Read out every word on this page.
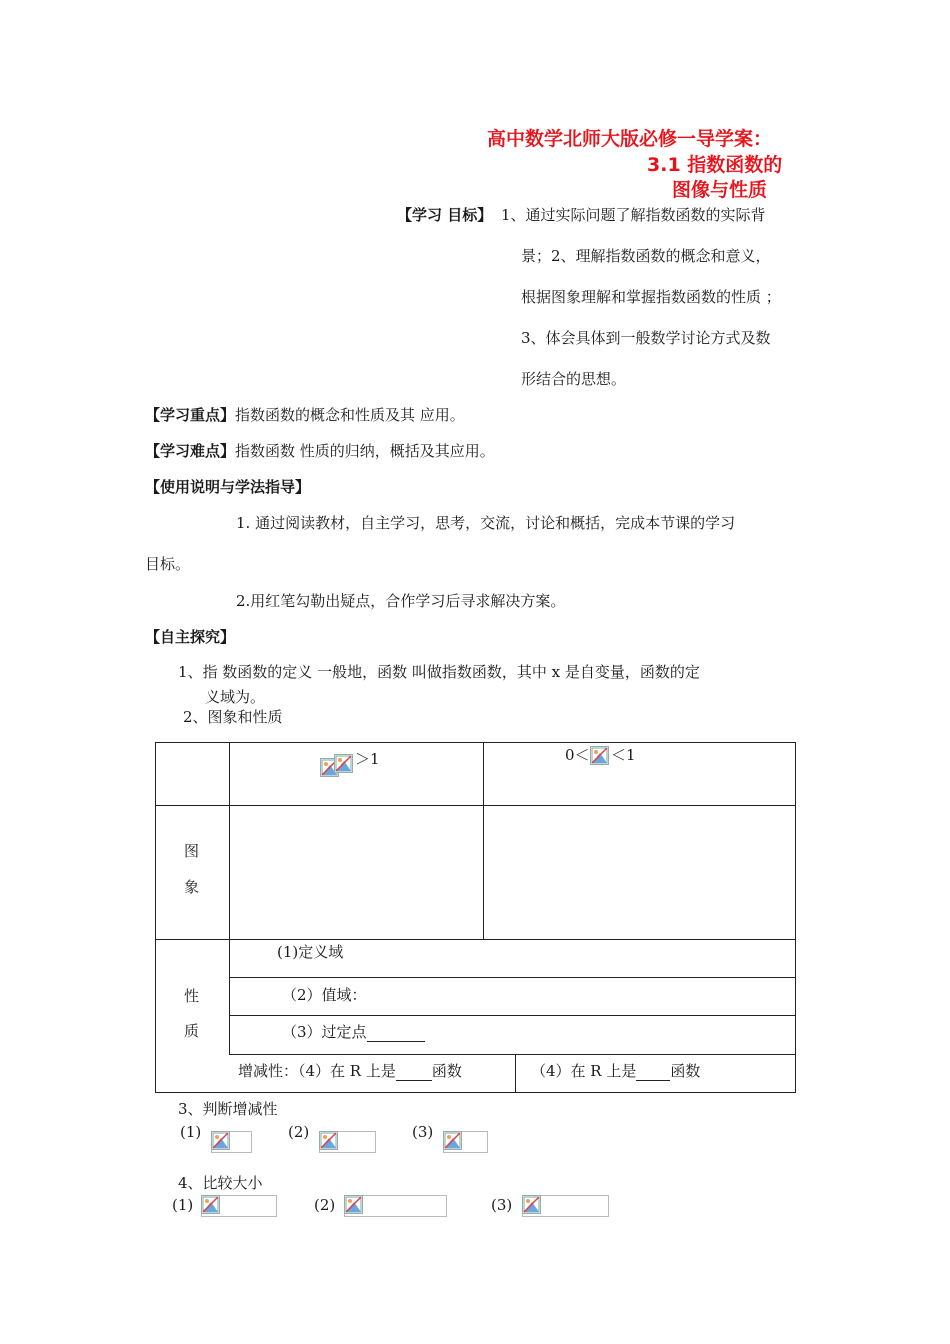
高中数学北师大版必修一导学案：
3.1 指数函数的
图像与性质
【学习 目标】 1、通过实际问题了解指数函数的实际背
景；2、理解指数函数的概念和意义，
根据图象理解和掌握指数函数的性质 ；
3、体会具体到一般数学讨论方式及数
形结合的思想。
【学习重点】指数函数的概念和性质及其 应用。
【学习难点】指数函数 性质的归纳，概括及其应用。
【使用说明与学法指导】
1. 通过阅读教材，自主学习，思考，交流，讨论和概括，完成本节课的学习
目标。
2.用红笔勾勒出疑点，合作学习后寻求解决方案。
【自主探究】
1、指 数函数的定义 一般地，函数 叫做指数函数，其中 x 是自变量，函数的定
义域为。
2、图象和性质
＞1	0＜ ＜1
图
象
性
质
(1)定义域
（2）值域：
（3）过定点
增减性：（4）在 R 上是 函数	（4）在 R 上是 函数
3、判断增减性
(1)	(2)	(3)
4、比较大小
(1)	(2)	(3)
